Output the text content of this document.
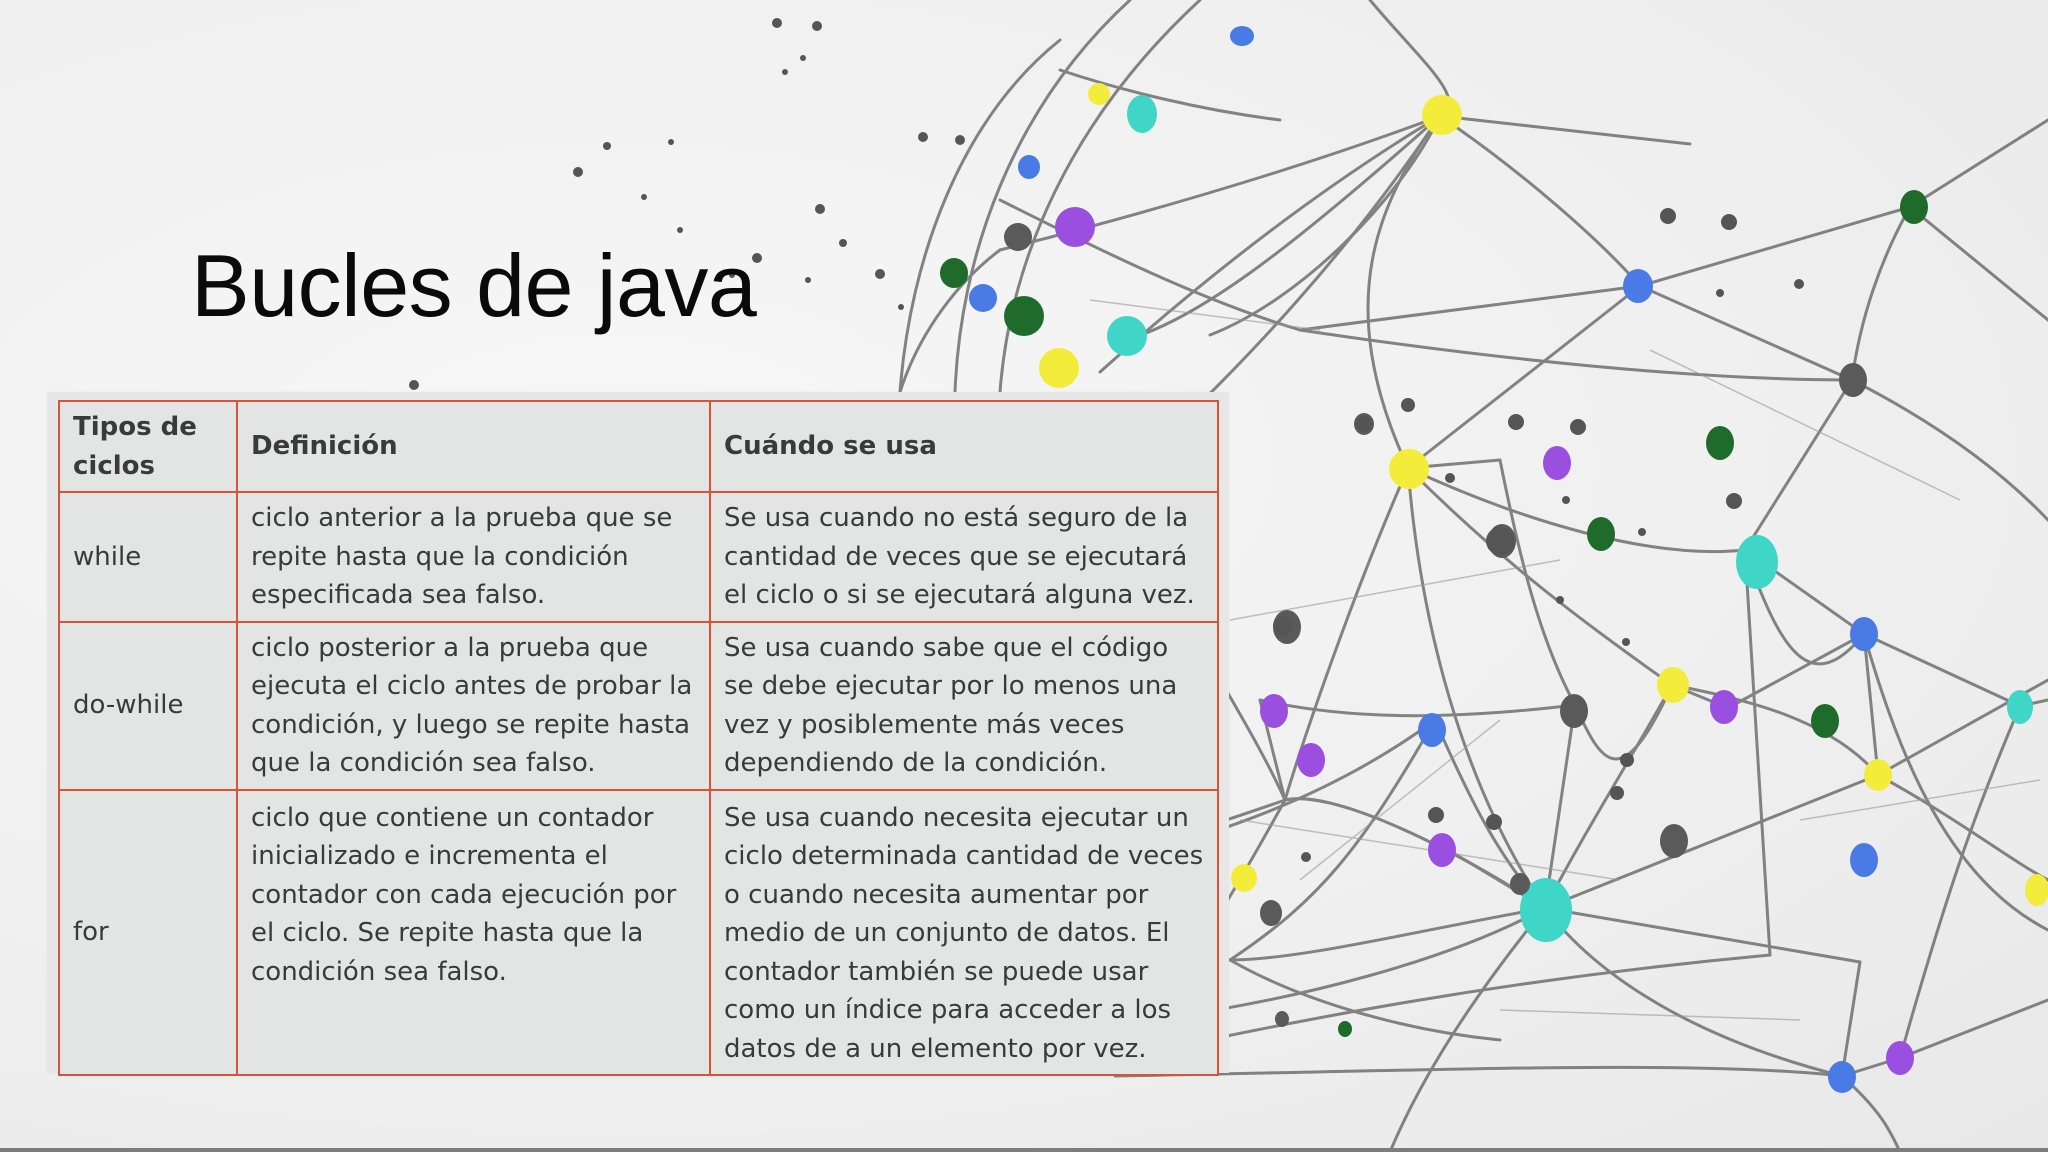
Bucles de java
Tipos de ciclos	Definición	Cuándo se usa
while	ciclo anterior a la prueba que se repite hasta que la condición especificada sea falso.	Se usa cuando no está seguro de la cantidad de veces que se ejecutará el ciclo o si se ejecutará alguna vez.
do-while	ciclo posterior a la prueba que ejecuta el ciclo antes de probar la condición, y luego se repite hasta que la condición sea falso.	Se usa cuando sabe que el código se debe ejecutar por lo menos una vez y posiblemente más veces dependiendo de la condición.
for	ciclo que contiene un contador inicializado e incrementa el contador con cada ejecución por el ciclo. Se repite hasta que la condición sea falso.	Se usa cuando necesita ejecutar un ciclo determinada cantidad de veces o cuando necesita aumentar por medio de un conjunto de datos. El contador también se puede usar como un índice para acceder a los datos de a un elemento por vez.
